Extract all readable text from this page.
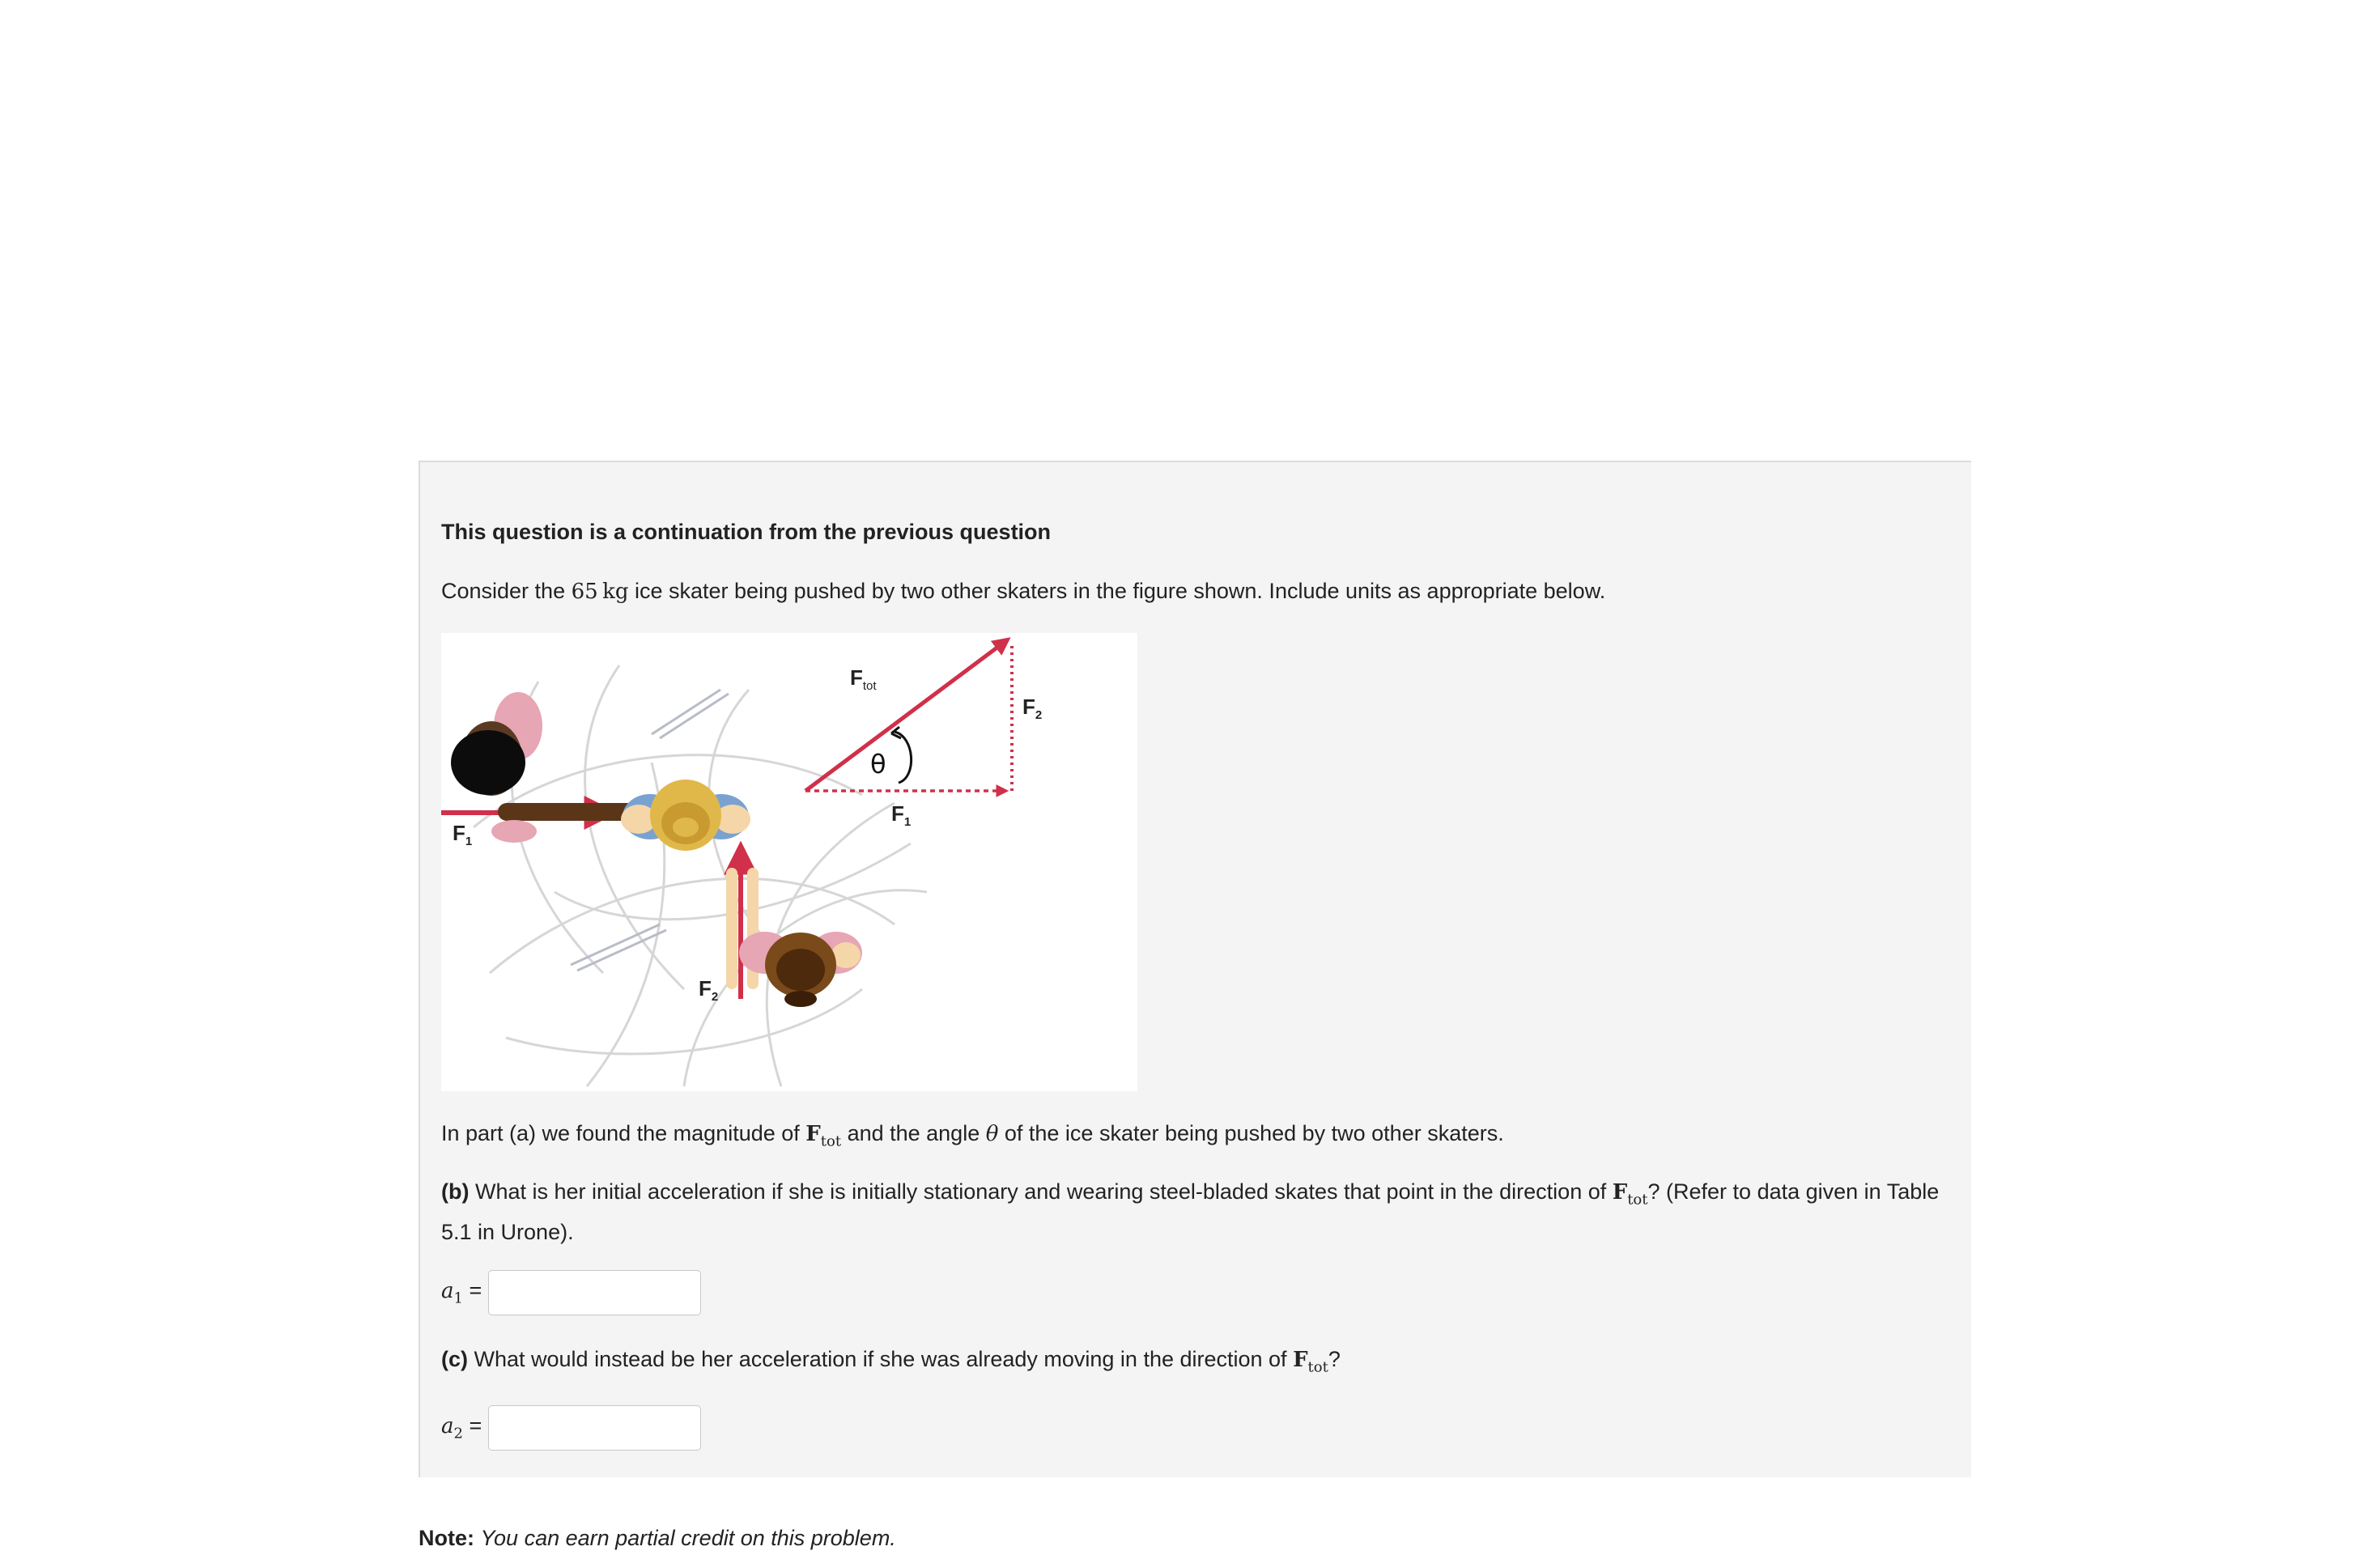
This question is a continuation from the previous question
Consider the 65  kg ice skater being pushed by two other skaters in the figure shown. Include units as appropriate below.
$F_1$
$F_2$
$F_{tot}$
$F_1$
$F_2$
θ
In part (a) we found the magnitude of $F_{tot}$ and the angle θ of the ice skater being pushed by two other skaters.
(b) What is her initial acceleration if she is initially stationary and wearing steel-bladed skates that point in the direction of $F_{tot}$? (Refer to data given in Table 5.1 in Urone).
$a_1$ =
(c) What would instead be her acceleration if she was already moving in the direction of $F_{tot}$?
$a_2$ =
Note: You can earn partial credit on this problem.
